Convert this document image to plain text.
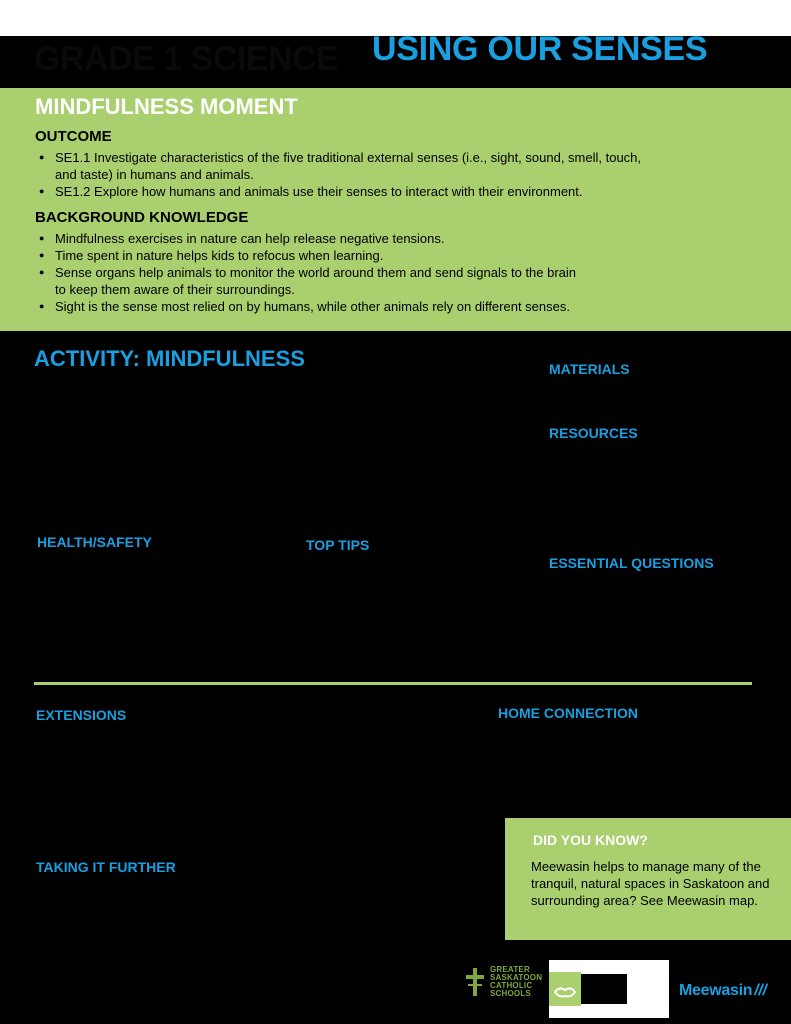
GRADE 1 SCIENCE USING OUR SENSES
MINDFULNESS MOMENT
OUTCOME
● SE1.1 Investigate characteristics of the five traditional external senses (i.e., sight, sound, smell, touch,
and taste) in humans and animals.
● SE1.2 Explore how humans and animals use their senses to interact with their environment.
BACKGROUND KNOWLEDGE
● Mindfulness exercises in nature can help release negative tensions.
● Time spent in nature helps kids to refocus when learning.
● Sense organs help animals to monitor the world around them and send signals to the brain
to keep them aware of their surroundings.
● Sight is the sense most relied on by humans, while other animals rely on different senses.
ACTIVITY: MINDFULNESS	MATERIALS
RESOURCES
HEALTH/SAFETY	TOP TIPS
ESSENTIAL QUESTIONS
EXTENSIONS	HOME CONNECTION
TAKING IT FURTHER
DID YOU KNOW?
Meewasin helps to manage many of the tranquil, natural spaces in Saskatoon and surrounding area? See Meewasin map.
GREATER SASKATOON CATHOLIC SCHOOLS	Meewasin ///
